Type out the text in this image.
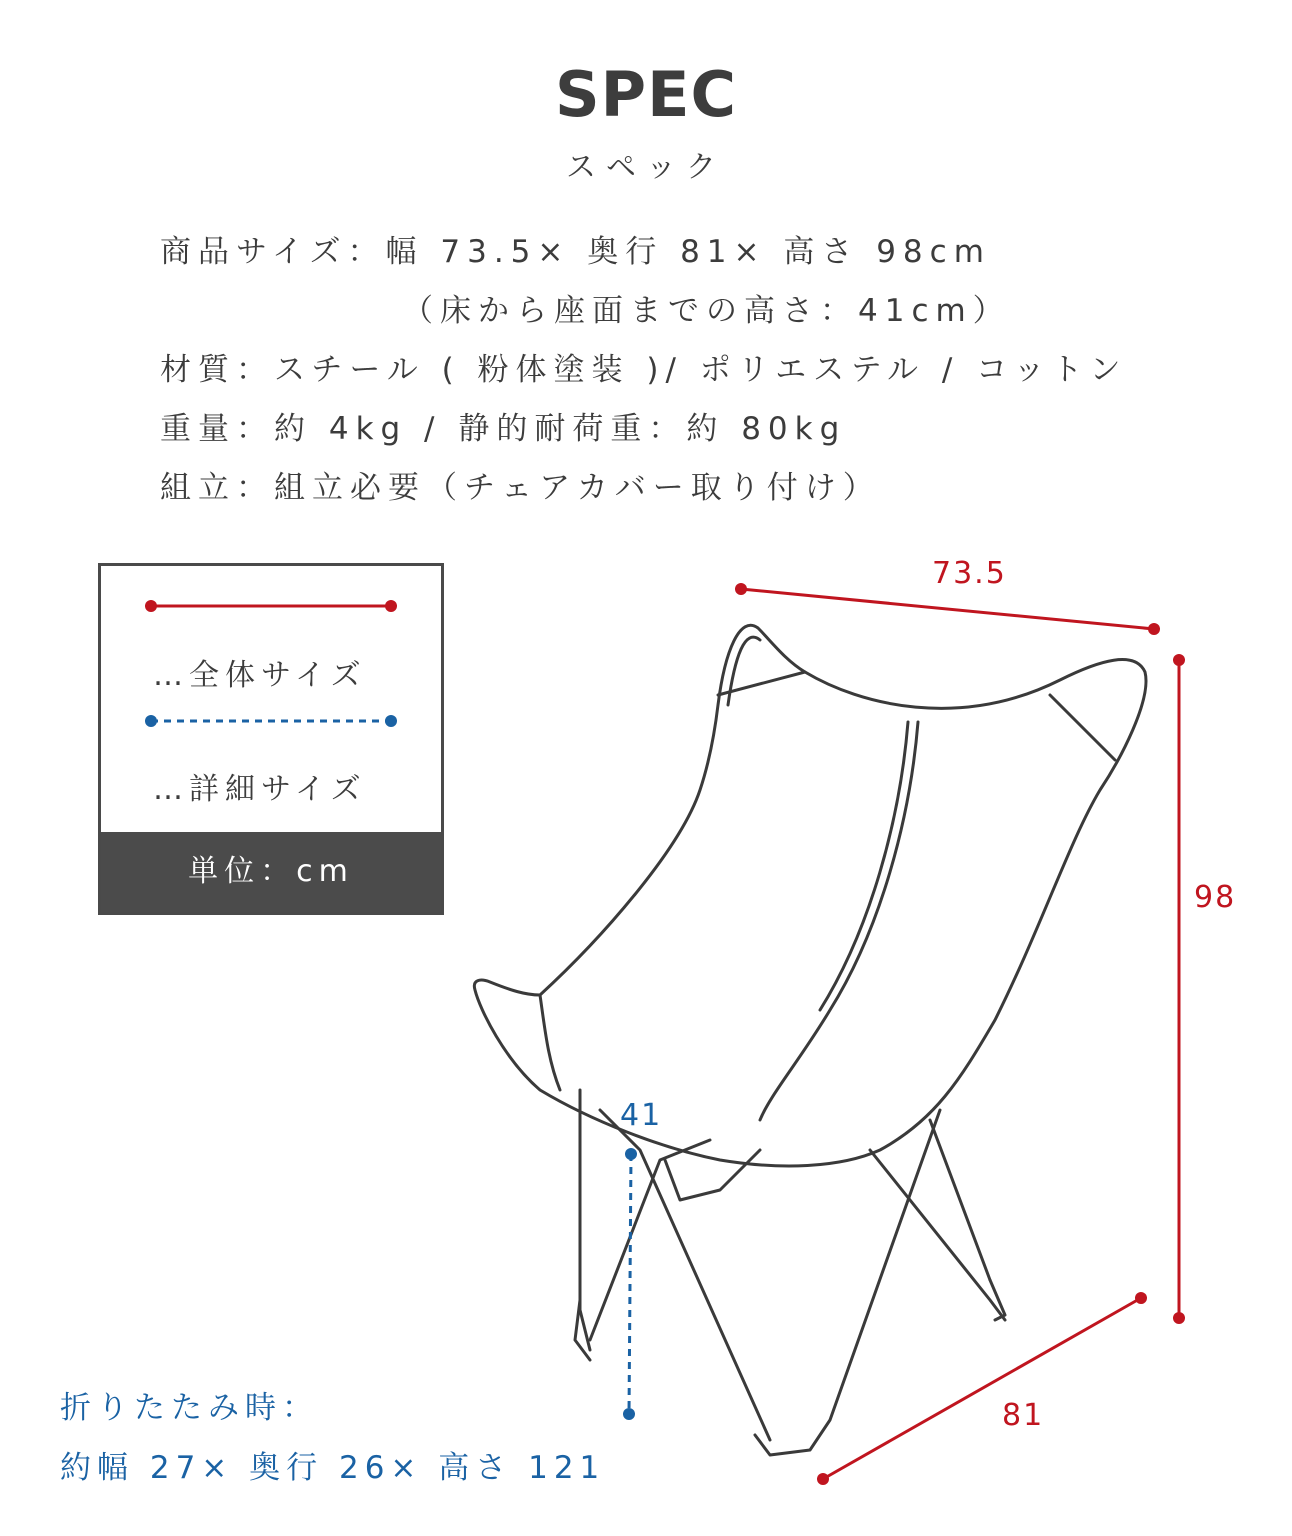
SPEC
スペック
商品サイズ：幅 73.5× 奥行 81× 高さ 98cm
（床から座面までの高さ：41cm）
材質：スチール ( 粉体塗装 )/ ポリエステル / コットン
重量：約 4kg / 静的耐荷重：約 80kg
組立：組立必要（チェアカバー取り付け）
…全体サイズ
…詳細サイズ
単位：cm
73.5
98
81
41
折りたたみ時：
約幅 27× 奥行 26× 高さ 121
